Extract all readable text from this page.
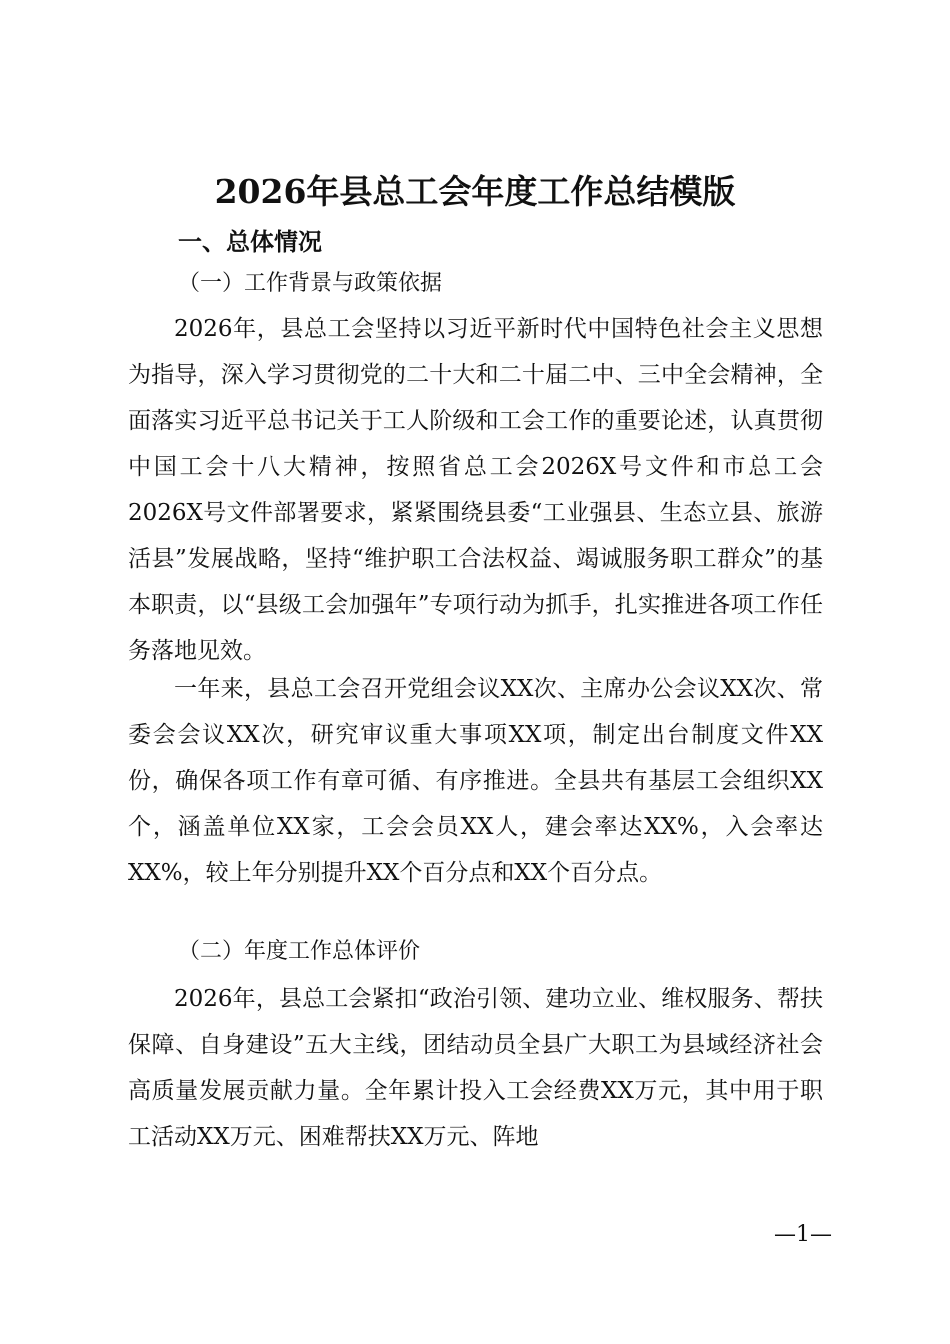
2026年县总工会年度工作总结模版
一、总体情况
（一）工作背景与政策依据
2026年，县总工会坚持以习近平新时代中国特色社会主义思想为指导，深入学习贯彻党的二十大和二十届二中、三中全会精神，全面落实习近平总书记关于工人阶级和工会工作的重要论述，认真贯彻中国工会十八大精神，按照省总工会2026X号文件和市总工会2026X号文件部署要求，紧紧围绕县委“工业强县、生态立县、旅游活县”发展战略，坚持“维护职工合法权益、竭诚服务职工群众”的基本职责，以“县级工会加强年”专项行动为抓手，扎实推进各项工作任务落地见效。
一年来，县总工会召开党组会议XX次、主席办公会议XX次、常委会会议XX次，研究审议重大事项XX项，制定出台制度文件XX份，确保各项工作有章可循、有序推进。全县共有基层工会组织XX个，涵盖单位XX家，工会会员XX人，建会率达XX%，入会率达XX%，较上年分别提升XX个百分点和XX个百分点。
（二）年度工作总体评价
2026年，县总工会紧扣“政治引领、建功立业、维权服务、帮扶保障、自身建设”五大主线，团结动员全县广大职工为县域经济社会高质量发展贡献力量。全年累计投入工会经费XX万元，其中用于职工活动XX万元、困难帮扶XX万元、阵地
—1—
